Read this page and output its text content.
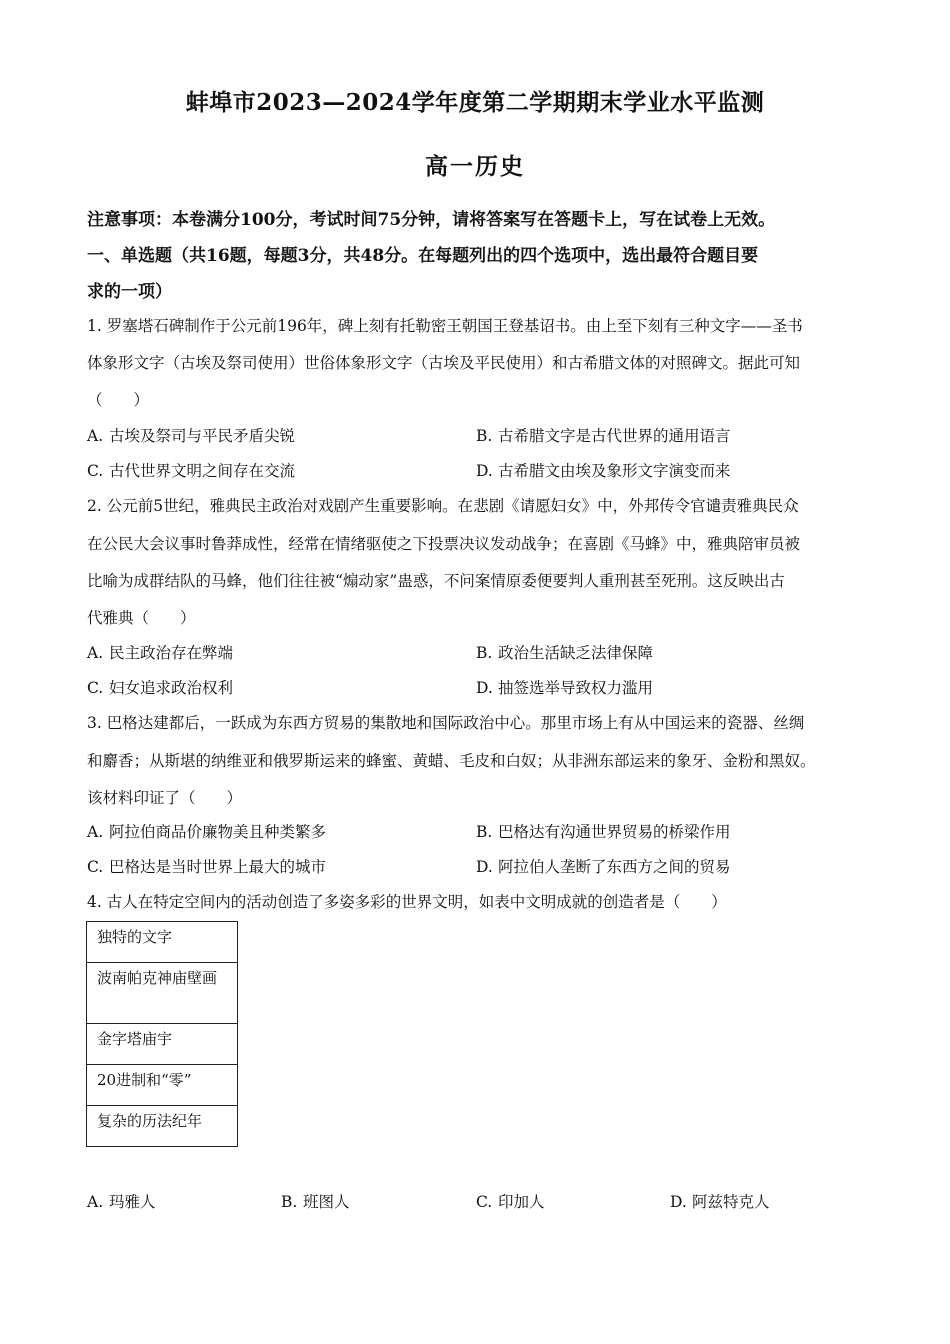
蚌埠市2023—2024学年度第二学期期末学业水平监测
高一历史
注意事项：本卷满分100分，考试时间75分钟，请将答案写在答题卡上，写在试卷上无效。
一、单选题（共16题，每题3分，共48分。在每题列出的四个选项中，选出最符合题目要
求的一项）
1. 罗塞塔石碑制作于公元前196年，碑上刻有托勒密王朝国王登基诏书。由上至下刻有三种文字——圣书
体象形文字（古埃及祭司使用）世俗体象形文字（古埃及平民使用）和古希腊文体的对照碑文。据此可知
（　　）
A. 古埃及祭司与平民矛盾尖锐	B. 古希腊文字是古代世界的通用语言
C. 古代世界文明之间存在交流	D. 古希腊文由埃及象形文字演变而来
2. 公元前5世纪，雅典民主政治对戏剧产生重要影响。在悲剧《请愿妇女》中，外邦传令官谴责雅典民众
在公民大会议事时鲁莽成性，经常在情绪驱使之下投票决议发动战争；在喜剧《马蜂》中，雅典陪审员被
比喻为成群结队的马蜂，他们往往被“煽动家”蛊惑，不问案情原委便要判人重刑甚至死刑。这反映出古
代雅典（　　）
A. 民主政治存在弊端	B. 政治生活缺乏法律保障
C. 妇女追求政治权利	D. 抽签选举导致权力滥用
3. 巴格达建都后，一跃成为东西方贸易的集散地和国际政治中心。那里市场上有从中国运来的瓷器、丝绸
和麝香；从斯堪的纳维亚和俄罗斯运来的蜂蜜、黄蜡、毛皮和白奴；从非洲东部运来的象牙、金粉和黑奴。
该材料印证了（　　）
A. 阿拉伯商品价廉物美且种类繁多	B. 巴格达有沟通世界贸易的桥梁作用
C. 巴格达是当时世界上最大的城市	D. 阿拉伯人垄断了东西方之间的贸易
4. 古人在特定空间内的活动创造了多姿多彩的世界文明，如表中文明成就的创造者是（　　）
独特的文字
波南帕克神庙壁画
金字塔庙宇
20进制和“零”
复杂的历法纪年
A. 玛雅人	B. 班图人	C. 印加人	D. 阿兹特克人
